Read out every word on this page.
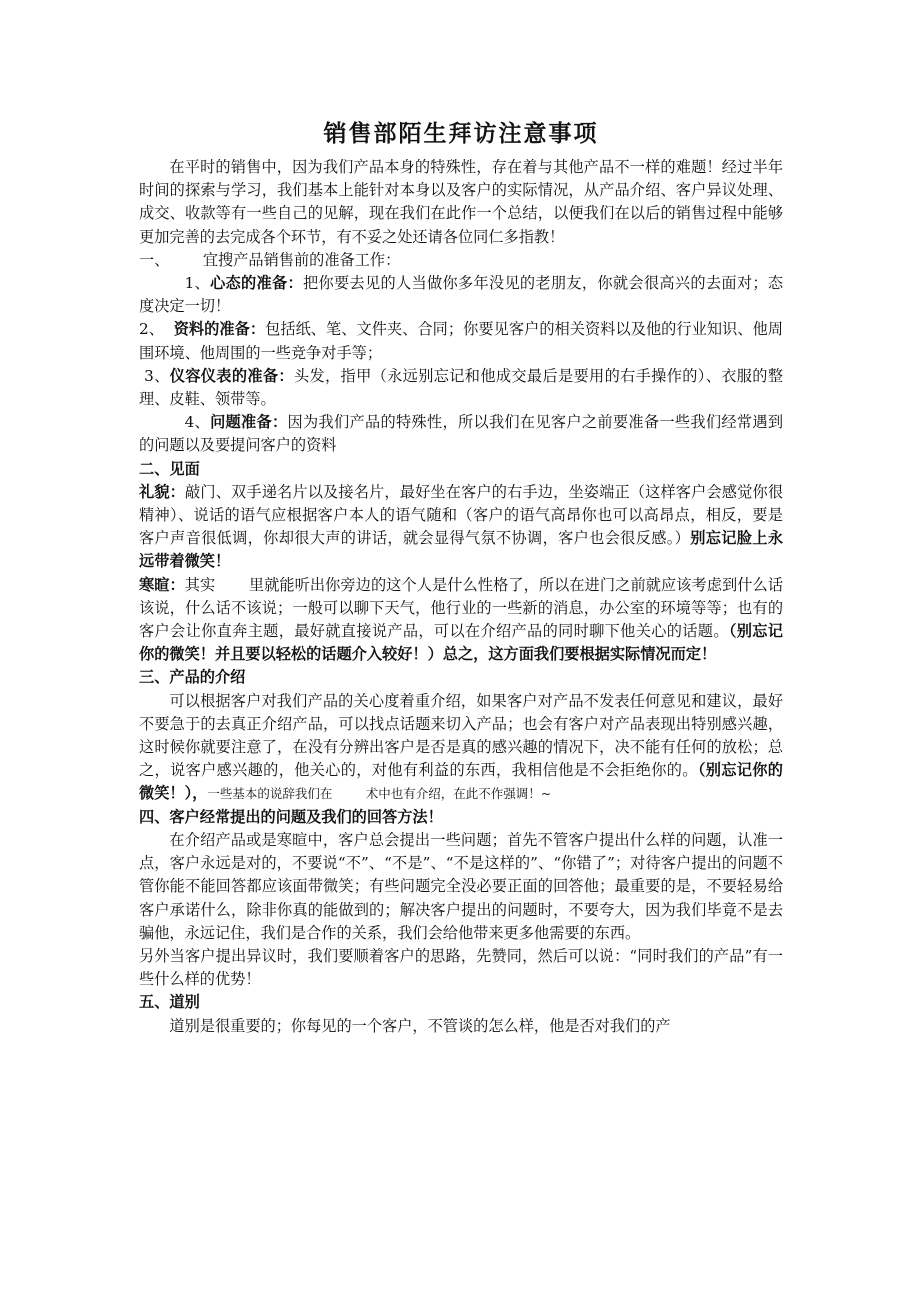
销售部陌生拜访注意事项

在平时的销售中，因为我们产品本身的特殊性，存在着与其他产品不一样的难题！经过半年时间的探索与学习，我们基本上能针对本身以及客户的实际情况，从产品介绍、客户异议处理、成交、收款等有一些自己的见解，现在我们在此作一个总结，以便我们在以后的销售过程中能够更加完善的去完成各个环节，有不妥之处还请各位同仁多指教！

一、 宜搜产品销售前的准备工作：

1、心态的准备：把你要去见的人当做你多年没见的老朋友，你就会很高兴的去面对；态度决定一切！

2、 资料的准备：包括纸、笔、文件夹、合同；你要见客户的相关资料以及他的行业知识、他周围环境、他周围的一些竞争对手等；

3、仪容仪表的准备：头发，指甲（永远别忘记和他成交最后是要用的右手操作的）、衣服的整理、皮鞋、领带等。

4、问题准备：因为我们产品的特殊性，所以我们在见客户之前要准备一些我们经常遇到的问题以及要提问客户的资料

二、见面

礼貌：敲门、双手递名片以及接名片，最好坐在客户的右手边，坐姿端正（这样客户会感觉你很精神）、说话的语气应根据客户本人的语气随和（客户的语气高昂你也可以高昂点，相反，要是客户声音很低调，你却很大声的讲话，就会显得气氛不协调，客户也会很反感。）别忘记脸上永远带着微笑！

寒暄：其实 里就能听出你旁边的这个人是什么性格了，所以在进门之前就应该考虑到什么话该说，什么话不该说；一般可以聊下天气，他行业的一些新的消息，办公室的环境等等；也有的客户会让你直奔主题，最好就直接说产品，可以在介绍产品的同时聊下他关心的话题。（别忘记你的微笑！并且要以轻松的话题介入较好！）总之，这方面我们要根据实际情况而定！

三、产品的介绍

可以根据客户对我们产品的关心度着重介绍，如果客户对产品不发表任何意见和建议，最好不要急于的去真正介绍产品，可以找点话题来切入产品；也会有客户对产品表现出特别感兴趣，这时候你就要注意了，在没有分辨出客户是否是真的感兴趣的情况下，决不能有任何的放松；总之，说客户感兴趣的，他关心的，对他有利益的东西，我相信他是不会拒绝你的。（别忘记你的微笑！），一些基本的说辞我们在	术中也有介绍，在此不作强调！~

四、客户经常提出的问题及我们的回答方法！

在介绍产品或是寒暄中，客户总会提出一些问题；首先不管客户提出什么样的问题，认准一点，客户永远是对的，不要说“不”、“不是”、“不是这样的”、“你错了”；对待客户提出的问题不管你能不能回答都应该面带微笑；有些问题完全没必要正面的回答他；最重要的是，不要轻易给客户承诺什么，除非你真的能做到的；解决客户提出的问题时，不要夸大，因为我们毕竟不是去骗他，永远记住，我们是合作的关系，我们会给他带来更多他需要的东西。

另外当客户提出异议时，我们要顺着客户的思路，先赞同，然后可以说：“同时我们的产品”有一些什么样的优势！

五、道别

道别是很重要的；你每见的一个客户，不管谈的怎么样，他是否对我们的产
